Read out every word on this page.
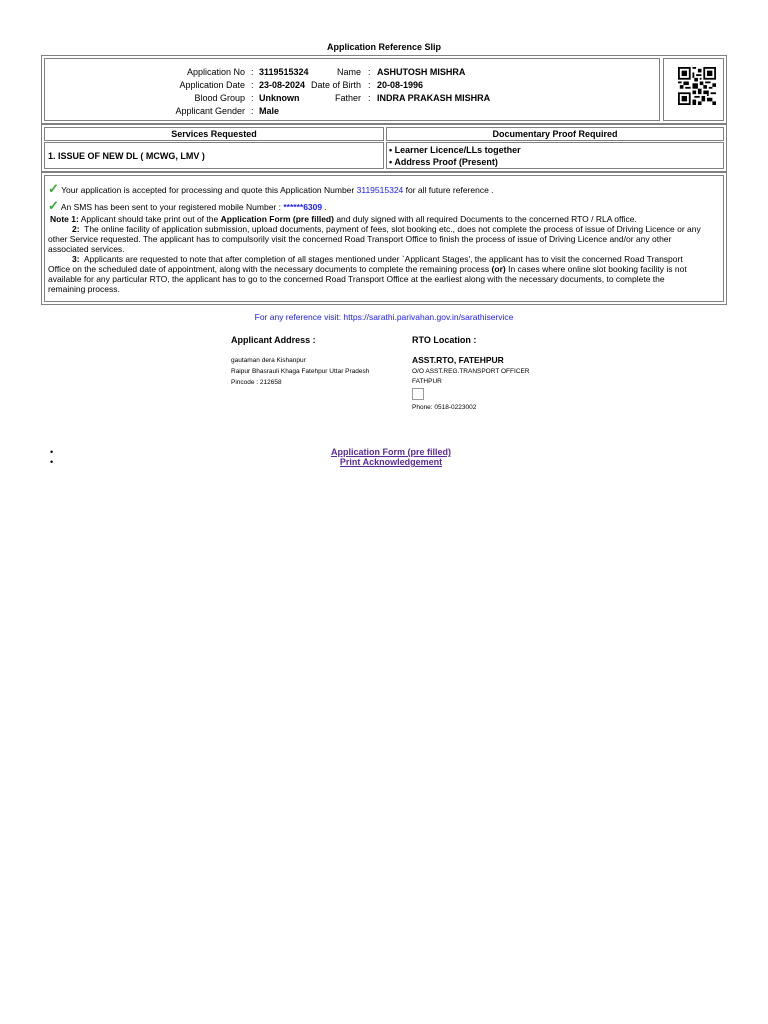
Application Reference Slip
Application No : 3119515324
Application Date : 23-08-2024
Blood Group : Unknown
Applicant Gender : Male
Name : ASHUTOSH MISHRA
Date of Birth : 20-08-1996
Father : INDRA PRAKASH MISHRA
Services Requested	Documentary Proof Required
1. ISSUE OF NEW DL ( MCWG, LMV )
• Learner Licence/LLs together
• Address Proof (Present)
✓ Your application is accepted for processing and quote this Application Number 3119515324 for all future reference .
✓ An SMS has been sent to your registered mobile Number : ******6309 .
Note 1: Applicant should take print out of the Application Form (pre filled) and duly signed with all required Documents to the concerned RTO / RLA office.
2: The online facility of application submission, upload documents, payment of fees, slot booking etc., does not complete the process of issue of Driving Licence or any
other Service requested. The applicant has to compulsorily visit the concerned Road Transport Office to finish the process of issue of Driving Licence and/or any other
associated services.
3: Applicants are requested to note that after completion of all stages mentioned under `Applicant Stages', the applicant has to visit the concerned Road Transport
Office on the scheduled date of appointment, along with the necessary documents to complete the remaining process (or) In cases where online slot booking facility is not
available for any particular RTO, the applicant has to go to the concerned Road Transport Office at the earliest along with the necessary documents, to complete the
remaining process.
For any reference visit: https://sarathi.parivahan.gov.in/sarathiservice
Applicant Address :
gautaman dera Kishanpur
Raipur Bhasrauli Khaga Fatehpur Uttar Pradesh
Pincode : 212658
RTO Location :
ASST.RTO, FATEHPUR
O/O ASST.REG.TRANSPORT OFFICER
FATHPUR
Phone: 0518-0223002
•
•
Application Form (pre filled)
Print Acknowledgement
